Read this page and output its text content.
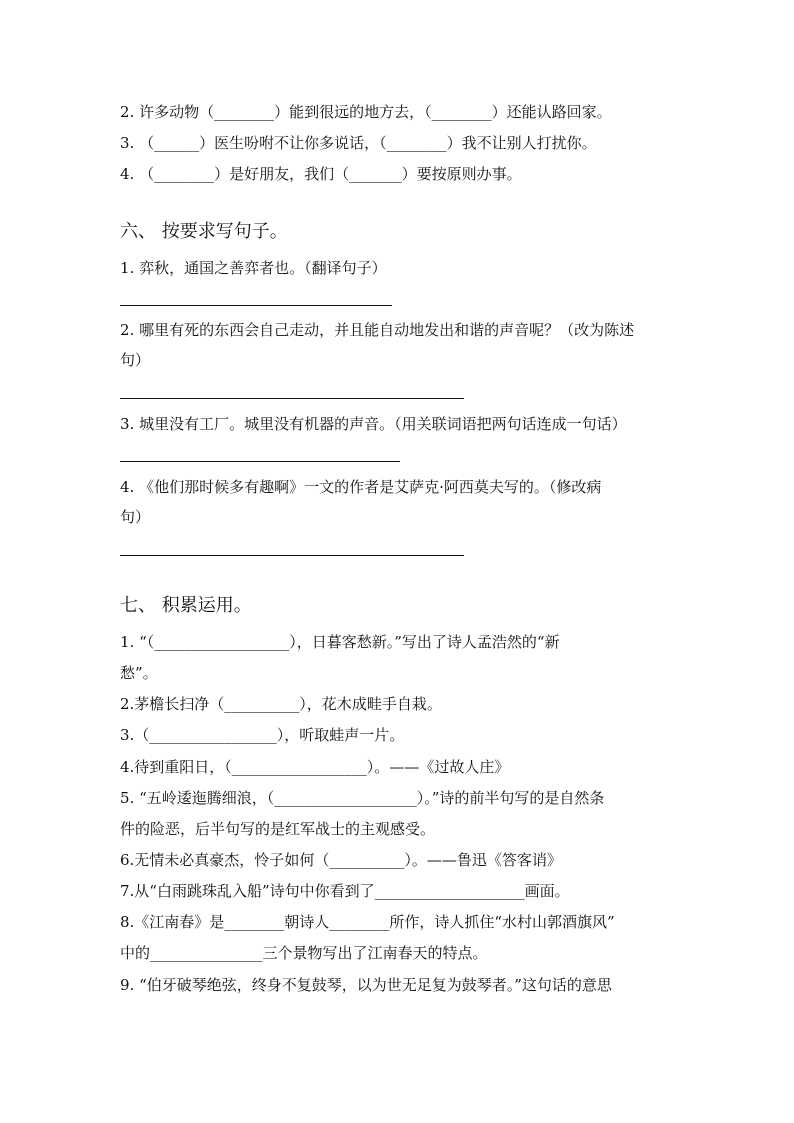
2. 许多动物（________）能到很远的地方去，（________）还能认路回家。
3. （______）医生吩咐不让你多说话，（________）我不让别人打扰你。
4. （________）是好朋友，我们（_______）要按原则办事。
六、 按要求写句子。
1. 弈秋，通国之善弈者也。（翻译句子）
2. 哪里有死的东西会自己走动，并且能自动地发出和谐的声音呢？（改为陈述
句）
3. 城里没有工厂。城里没有机器的声音。（用关联词语把两句话连成一句话）
4. 《他们那时候多有趣啊》一文的作者是艾萨克·阿西莫夫写的。（修改病
句）
七、 积累运用。
1. “（__________________），日暮客愁新。”写出了诗人孟浩然的“新
愁”。
2.茅檐长扫净（__________），花木成畦手自栽。
3.（_________________），听取蛙声一片。
4.待到重阳日，（__________________）。——《过故人庄》
5. “五岭逶迤腾细浪，（___________________）。”诗的前半句写的是自然条
件的险恶，后半句写的是红军战士的主观感受。
6.无情未必真豪杰，怜子如何（__________）。——鲁迅《答客诮》
7.从“白雨跳珠乱入船”诗句中你看到了____________________画面。
8.《江南春》是________朝诗人________所作，诗人抓住“水村山郭酒旗风”
中的_______________三个景物写出了江南春天的特点。
9. “伯牙破琴绝弦，终身不复鼓琴，以为世无足复为鼓琴者。”这句话的意思
